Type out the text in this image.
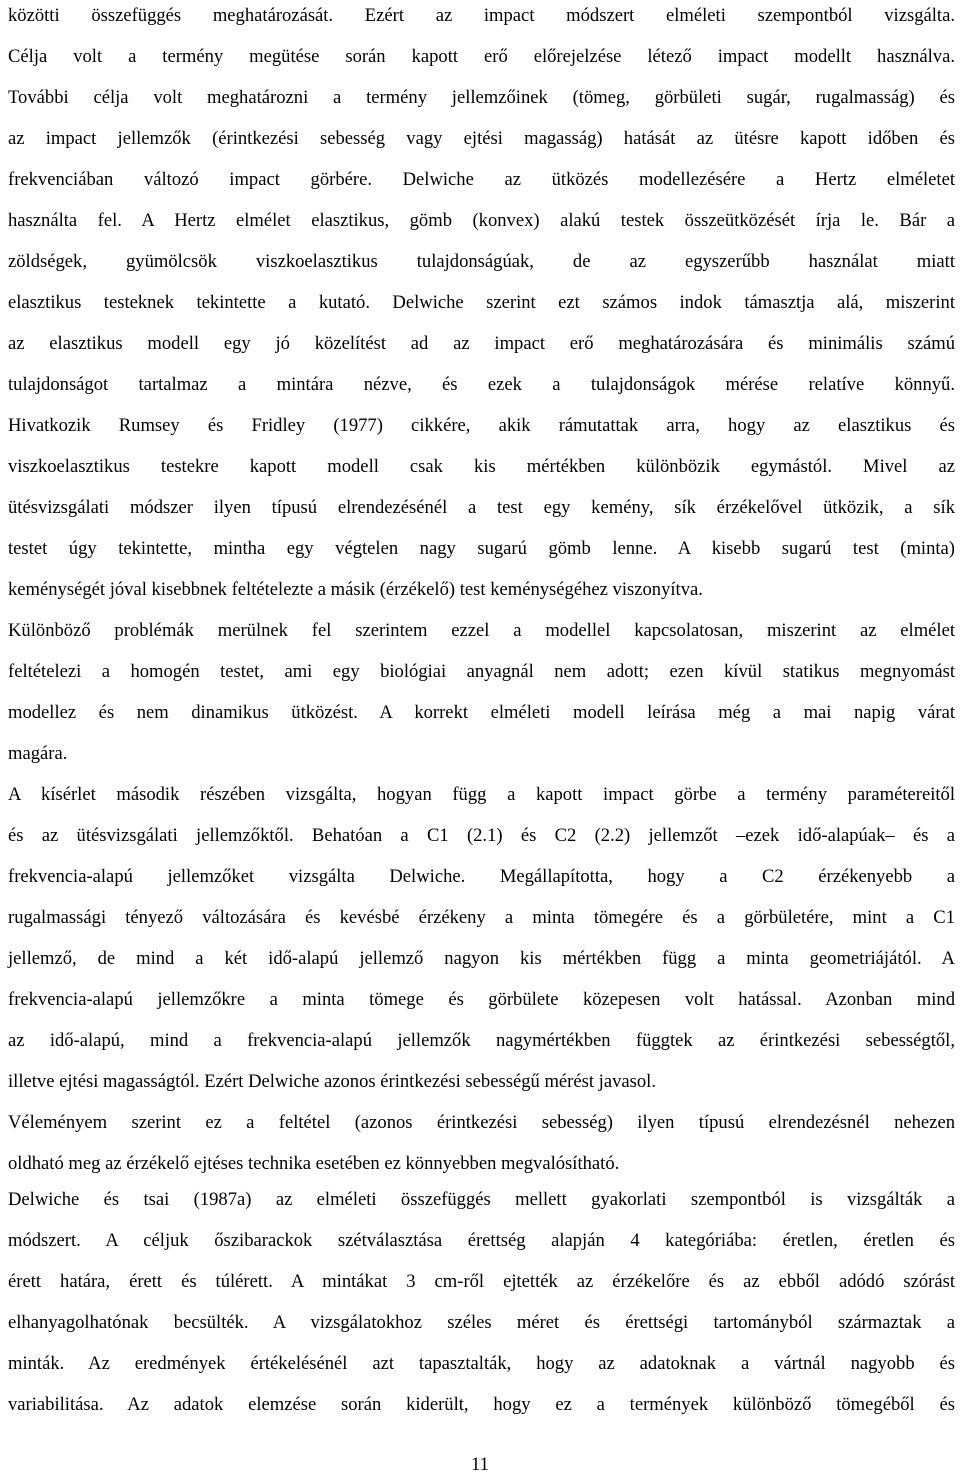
közötti összefüggés meghatározását. Ezért az impact módszert elméleti szempontból vizsgálta.
Célja volt a termény megütése során kapott erő előrejelzése létező impact modellt használva.
További célja volt meghatározni a termény jellemzőinek (tömeg, görbületi sugár, rugalmasság) és
az impact jellemzők (érintkezési sebesség vagy ejtési magasság) hatását az ütésre kapott időben és
frekvenciában változó impact görbére. Delwiche az ütközés modellezésére a Hertz elméletet
használta fel. A Hertz elmélet elasztikus, gömb (konvex) alakú testek összeütközését írja le. Bár a
zöldségek, gyümölcsök viszkoelasztikus tulajdonságúak, de az egyszerűbb használat miatt
elasztikus testeknek tekintette a kutató. Delwiche szerint ezt számos indok támasztja alá, miszerint
az elasztikus modell egy jó közelítést ad az impact erő meghatározására és minimális számú
tulajdonságot tartalmaz a mintára nézve, és ezek a tulajdonságok mérése relatíve könnyű.
Hivatkozik Rumsey és Fridley (1977) cikkére, akik rámutattak arra, hogy az elasztikus és
viszkoelasztikus testekre kapott modell csak kis mértékben különbözik egymástól. Mivel az
ütésvizsgálati módszer ilyen típusú elrendezésénél a test egy kemény, sík érzékelővel ütközik, a sík
testet úgy tekintette, mintha egy végtelen nagy sugarú gömb lenne. A kisebb sugarú test (minta)
keménységét jóval kisebbnek feltételezte a másik (érzékelő) test keménységéhez viszonyítva.
Különböző problémák merülnek fel szerintem ezzel a modellel kapcsolatosan, miszerint az elmélet
feltételezi a homogén testet, ami egy biológiai anyagnál nem adott; ezen kívül statikus megnyomást
modellez és nem dinamikus ütközést. A korrekt elméleti modell leírása még a mai napig várat
magára.
A kísérlet második részében vizsgálta, hogyan függ a kapott impact görbe a termény paramétereitől
és az ütésvizsgálati jellemzőktől. Behatóan a C1 (2.1) és C2 (2.2) jellemzőt –ezek idő-alapúak– és a
frekvencia-alapú jellemzőket vizsgálta Delwiche. Megállapította, hogy a C2 érzékenyebb a
rugalmassági tényező változására és kevésbé érzékeny a minta tömegére és a görbületére, mint a C1
jellemző, de mind a két idő-alapú jellemző nagyon kis mértékben függ a minta geometriájától. A
frekvencia-alapú jellemzőkre a minta tömege és görbülete közepesen volt hatással. Azonban mind
az idő-alapú, mind a frekvencia-alapú jellemzők nagymértékben függtek az érintkezési sebességtől,
illetve ejtési magasságtól. Ezért Delwiche azonos érintkezési sebességű mérést javasol.
Véleményem szerint ez a feltétel (azonos érintkezési sebesség) ilyen típusú elrendezésnél nehezen
oldható meg az érzékelő ejtéses technika esetében ez könnyebben megvalósítható.
Delwiche és tsai (1987a) az elméleti összefüggés mellett gyakorlati szempontból is vizsgálták a
módszert. A céljuk őszibarackok szétválasztása érettség alapján 4 kategóriába: éretlen, éretlen és
érett határa, érett és túlérett. A mintákat 3 cm-ről ejtették az érzékelőre és az ebből adódó szórást
elhanyagolhatónak becsülték. A vizsgálatokhoz széles méret és érettségi tartományból származtak a
minták. Az eredmények értékelésénél azt tapasztalták, hogy az adatoknak a vártnál nagyobb és
variabilitása. Az adatok elemzése során kiderült, hogy ez a termények különböző tömegéből és
11
